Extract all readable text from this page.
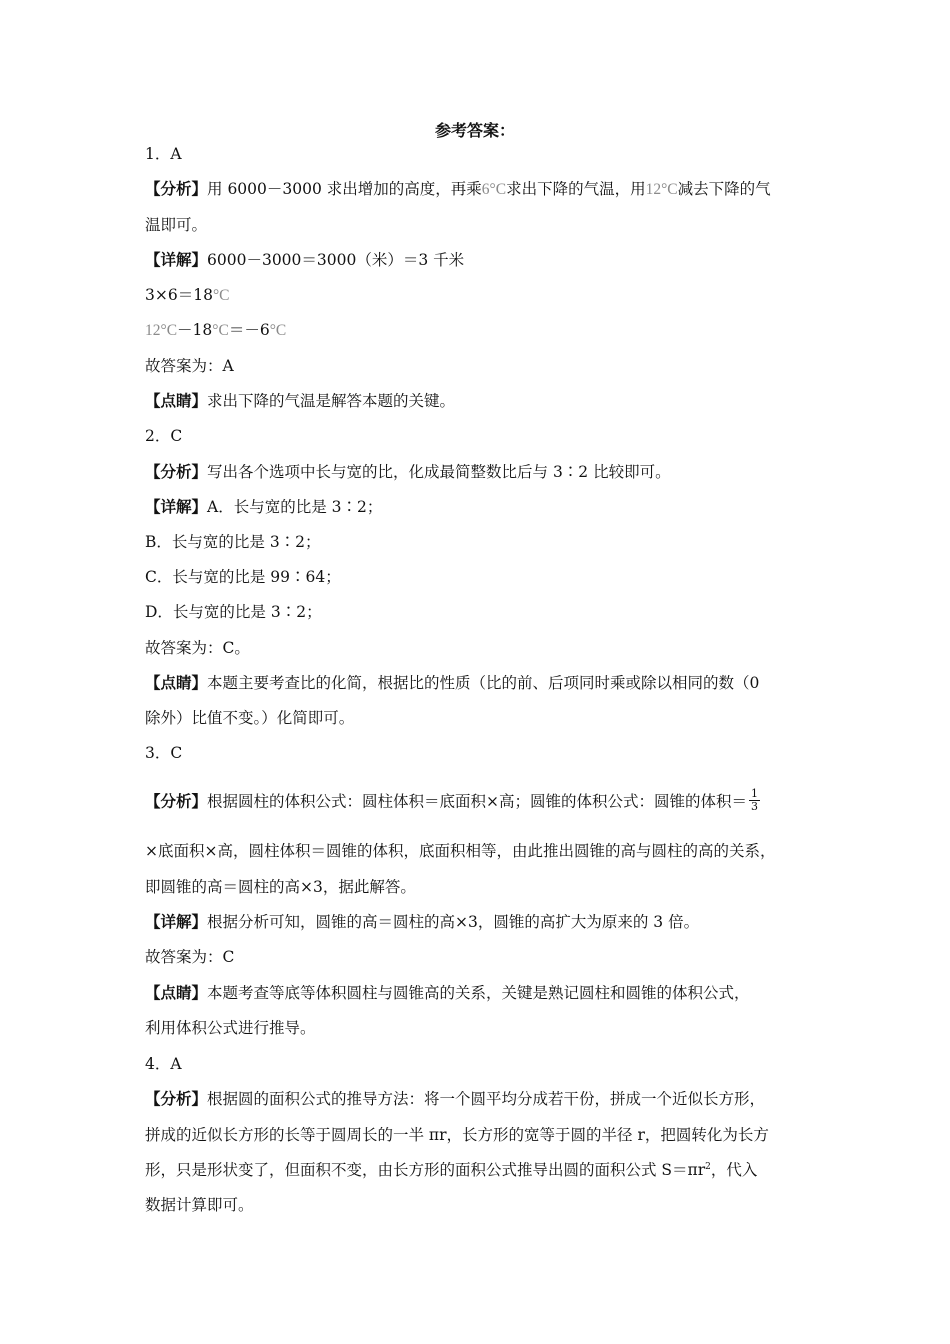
参考答案：
1．A
【分析】用 6000－3000 求出增加的高度，再乘6°C求出下降的气温，用12°C减去下降的气
温即可。
【详解】6000－3000＝3000（米）＝3 千米
3×6＝18°C
12°C－18°C＝－6°C
故答案为：A
【点睛】求出下降的气温是解答本题的关键。
2．C
【分析】写出各个选项中长与宽的比，化成最简整数比后与 3∶2 比较即可。
【详解】A．长与宽的比是 3∶2；
B．长与宽的比是 3∶2；
C．长与宽的比是 99∶64；
D．长与宽的比是 3∶2；
故答案为：C。
【点睛】本题主要考查比的化简，根据比的性质（比的前、后项同时乘或除以相同的数（0
除外）比值不变。）化简即可。
3．C
【分析】根据圆柱的体积公式：圆柱体积＝底面积×高；圆锥的体积公式：圆锥的体积＝ $\frac{1}{3}$
×底面积×高，圆柱体积＝圆锥的体积，底面积相等，由此推出圆锥的高与圆柱的高的关系，
即圆锥的高＝圆柱的高×3，据此解答。
【详解】根据分析可知，圆锥的高＝圆柱的高×3，圆锥的高扩大为原来的 3 倍。
故答案为：C
【点睛】本题考查等底等体积圆柱与圆锥高的关系，关键是熟记圆柱和圆锥的体积公式，
利用体积公式进行推导。
4．A
【分析】根据圆的面积公式的推导方法：将一个圆平均分成若干份，拼成一个近似长方形，
拼成的近似长方形的长等于圆周长的一半 πr，长方形的宽等于圆的半径 r，把圆转化为长方
形，只是形状变了，但面积不变，由长方形的面积公式推导出圆的面积公式 $S=\pi r^2$，代入
数据计算即可。
